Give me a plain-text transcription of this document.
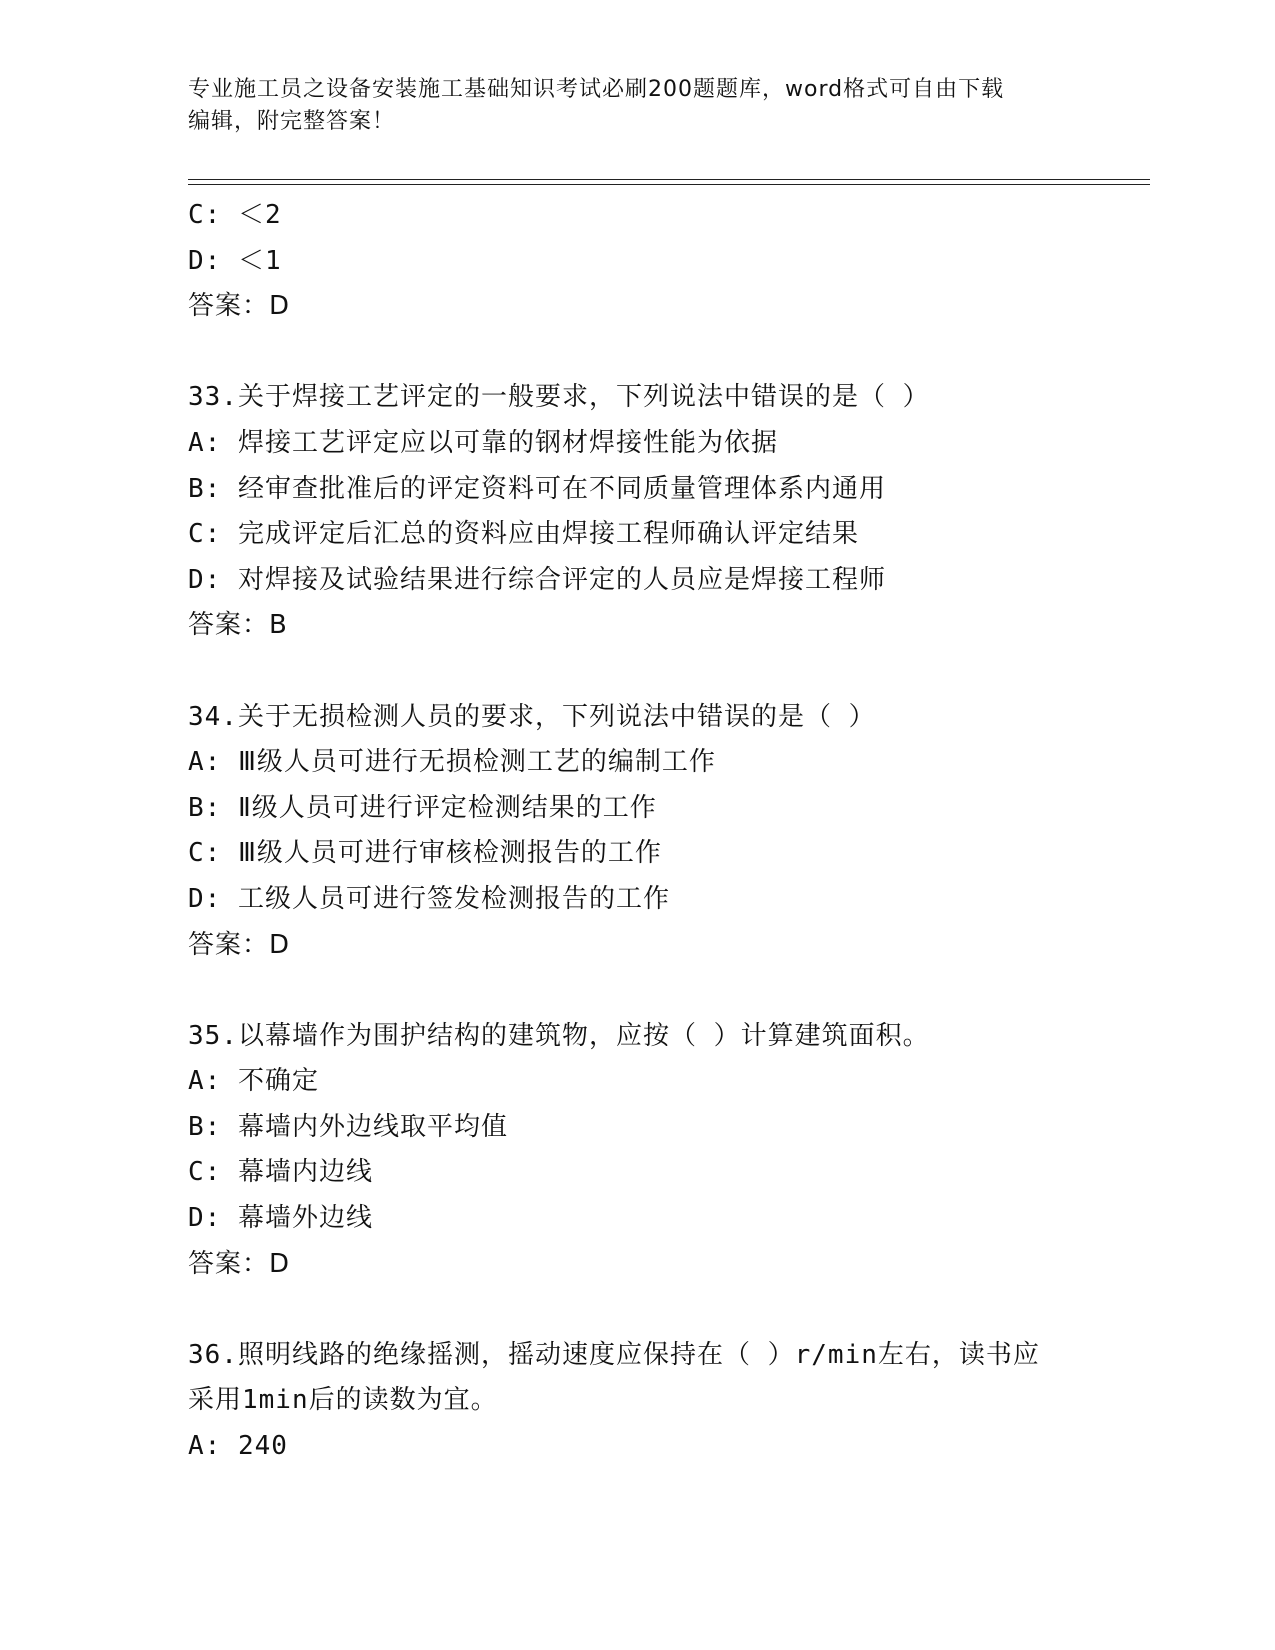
专业施工员之设备安装施工基础知识考试必刷200题题库，word格式可自由下载
编辑，附完整答案！
C: ＜2
D: ＜1
答案：D
33.关于焊接工艺评定的一般要求，下列说法中错误的是（ ）
A: 焊接工艺评定应以可靠的钢材焊接性能为依据
B: 经审查批准后的评定资料可在不同质量管理体系内通用
C: 完成评定后汇总的资料应由焊接工程师确认评定结果
D: 对焊接及试验结果进行综合评定的人员应是焊接工程师
答案：B
34.关于无损检测人员的要求，下列说法中错误的是（ ）
A: Ⅲ级人员可进行无损检测工艺的编制工作
B: Ⅱ级人员可进行评定检测结果的工作
C: Ⅲ级人员可进行审核检测报告的工作
D: 工级人员可进行签发检测报告的工作
答案：D
35.以幕墙作为围护结构的建筑物，应按（ ）计算建筑面积。
A: 不确定
B: 幕墙内外边线取平均值
C: 幕墙内边线
D: 幕墙外边线
答案：D
36.照明线路的绝缘摇测，摇动速度应保持在（ ）r/min左右，读书应
采用1min后的读数为宜。
A: 240
